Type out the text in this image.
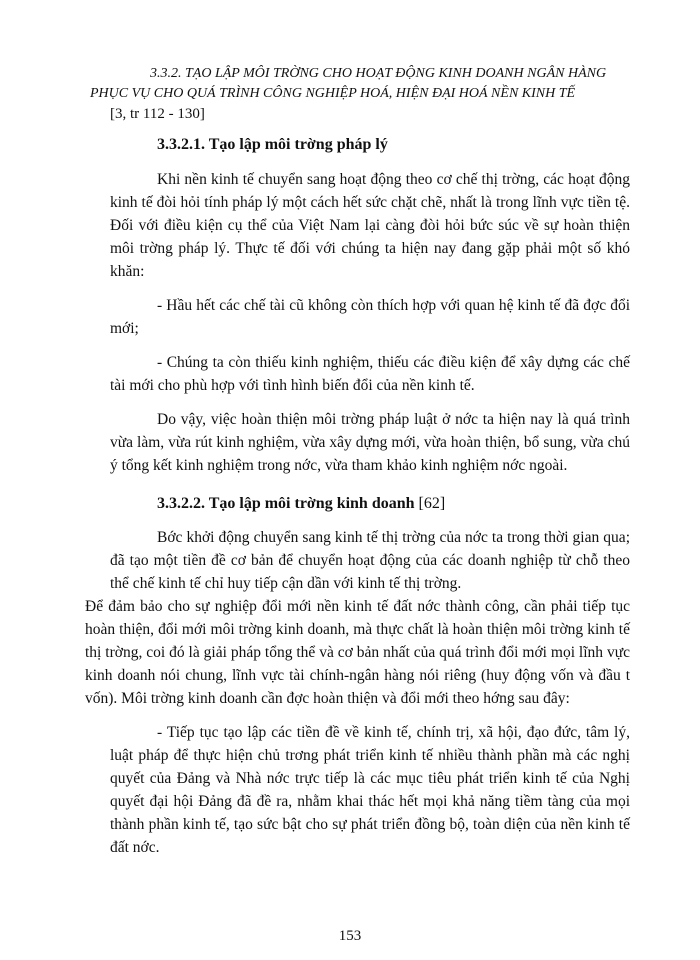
3.3.2. TẠO LẬP MÔI TRỜNG CHO HOẠT ĐỘNG KINH DOANH NGÂN HÀNG
PHỤC VỤ CHO QUÁ TRÌNH CÔNG NGHIỆP HOÁ, HIỆN ĐẠI HOÁ NỀN KINH TẾ
[3, tr 112 - 130]
3.3.2.1. Tạo lập môi trờng pháp lý

Khi nền kinh tế chuyển sang hoạt động theo cơ chế thị trờng, các hoạt động kinh tế đòi hỏi tính pháp lý một cách hết sức chặt chẽ, nhất là trong lĩnh vực tiền tệ. Đối với điều kiện cụ thể của Việt Nam lại càng đòi hỏi bức súc về sự hoàn thiện môi trờng pháp lý. Thực tế đối với chúng ta hiện nay đang gặp phải một số khó khăn:

- Hầu hết các chế tài cũ không còn thích hợp với quan hệ kinh tế đã đợc đổi mới;

- Chúng ta còn thiếu kinh nghiệm, thiếu các điều kiện để xây dựng các chế tài mới cho phù hợp với tình hình biến đổi của nền kinh tế.

Do vậy, việc hoàn thiện môi trờng pháp luật ở nớc ta hiện nay là quá trình vừa làm, vừa rút kinh nghiệm, vừa xây dựng mới, vừa hoàn thiện, bổ sung, vừa chú ý tổng kết kinh nghiệm trong nớc, vừa tham khảo kinh nghiệm nớc ngoài.

3.3.2.2. Tạo lập môi trờng kinh doanh [62]

Bớc khởi động chuyển sang kinh tế thị trờng của nớc ta trong thời gian qua; đã tạo một tiền đề cơ bản để chuyển hoạt động của các doanh nghiệp từ chỗ theo thể chế kinh tế chỉ huy tiếp cận dần với kinh tế thị trờng.

Để đảm bảo cho sự nghiệp đổi mới nền kinh tế đất nớc thành công, cần phải tiếp tục hoàn thiện, đổi mới môi trờng kinh doanh, mà thực chất là hoàn thiện môi trờng kinh tế thị trờng, coi đó là giải pháp tổng thể và cơ bản nhất của quá trình đổi mới mọi lĩnh vực kinh doanh nói chung, lĩnh vực tài chính-ngân hàng nói riêng (huy động vốn và đầu t vốn). Môi trờng kinh doanh cần đợc hoàn thiện và đổi mới theo hớng sau đây:

- Tiếp tục tạo lập các tiền đề về kinh tế, chính trị, xã hội, đạo đức, tâm lý, luật pháp để thực hiện chủ trơng phát triển kinh tế nhiều thành phần mà các nghị quyết của Đảng và Nhà nớc trực tiếp là các mục tiêu phát triển kinh tế của Nghị quyết đại hội Đảng đã đề ra, nhằm khai thác hết mọi khả năng tiềm tàng của mọi thành phần kinh tế, tạo sức bật cho sự phát triển đồng bộ, toàn diện của nền kinh tế đất nớc.

153
